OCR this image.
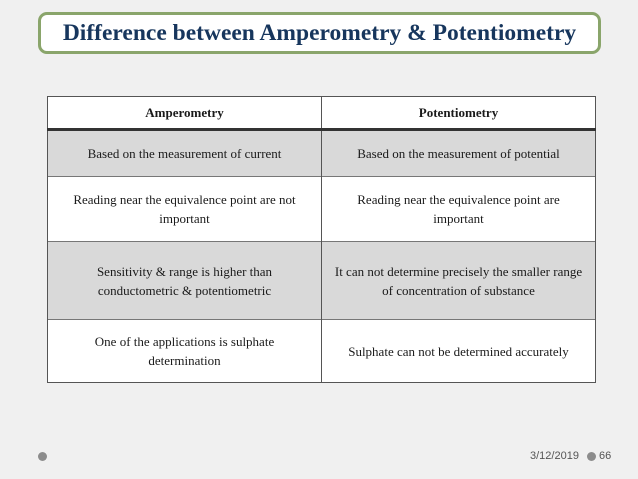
Difference between Amperometry & Potentiometry
Amperometry	Potentiometry
Based on the measurement of current	Based on the measurement of potential
Reading near the equivalence point are not important	Reading near the equivalence point are important
Sensitivity & range is higher than conductometric & potentiometric	It can not determine precisely the smaller range of concentration of substance
One of the applications is sulphate determination	Sulphate can not be determined accurately
3/12/2019 66
